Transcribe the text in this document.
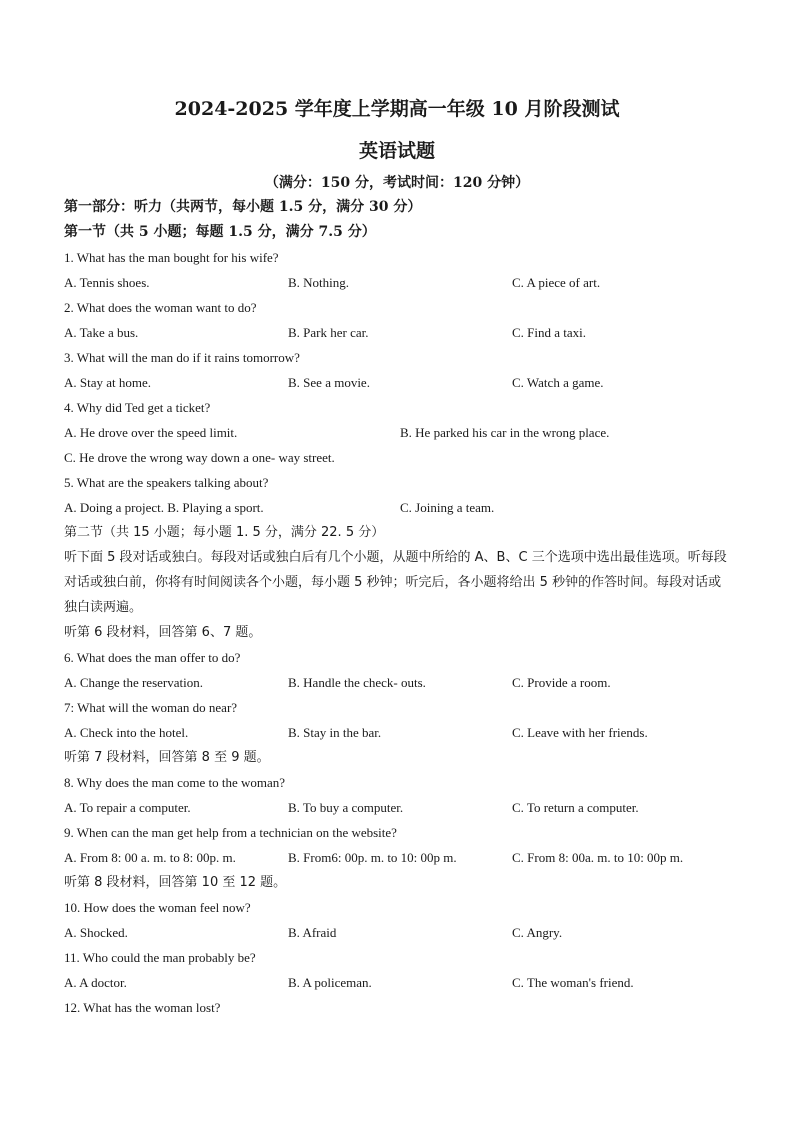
2024-2025 学年度上学期高一年级 10 月阶段测试
英语试题
（满分：150 分，考试时间：120 分钟）
第一部分：听力（共两节，每小题 1.5 分，满分 30 分）
第一节（共 5 小题；每题 1.5 分，满分 7.5 分）
1. What has the man bought for his wife?
A. Tennis shoes.	B. Nothing.	C. A piece of art.
2. What does the woman want to do?
A. Take a bus.	B. Park her car.	C. Find a taxi.
3. What will the man do if it rains tomorrow?
A. Stay at home.	B. See a movie.	C. Watch a game.
4. Why did Ted get a ticket?
A. He drove over the speed limit.	B. He parked his car in the wrong place.
C. He drove the wrong way down a one- way street.
5. What are the speakers talking about?
A. Doing a project. B. Playing a sport.	C. Joining a team.
第二节（共 15 小题；每小题 1. 5 分，满分 22. 5 分）
听下面 5 段对话或独白。每段对话或独白后有几个小题，从题中所给的 A、B、C 三个选项中选出最佳选项。听每段对话或独白前，你将有时间阅读各个小题，每小题 5 秒钟；听完后，各小题将给出 5 秒钟的作答时间。每段对话或独白读两遍。
听第 6 段材料，回答第 6、7 题。
6. What does the man offer to do?
A. Change the reservation.	B. Handle the check- outs.	C. Provide a room.
7: What will the woman do near?
A. Check into the hotel.	B. Stay in the bar.	C. Leave with her friends.
听第 7 段材料，回答第 8 至 9 题。
8. Why does the man come to the woman?
A. To repair a computer.	B. To buy a computer.	C. To return a computer.
9. When can the man get help from a technician on the website?
A. From 8: 00 a. m. to 8: 00p. m.	B. From6: 00p. m. to 10: 00p m.	C. From 8: 00a. m. to 10: 00p m.
听第 8 段材料，回答第 10 至 12 题。
10. How does the woman feel now?
A. Shocked.	B. Afraid	C. Angry.
11. Who could the man probably be?
A. A doctor.	B. A policeman.	C. The woman's friend.
12. What has the woman lost?
